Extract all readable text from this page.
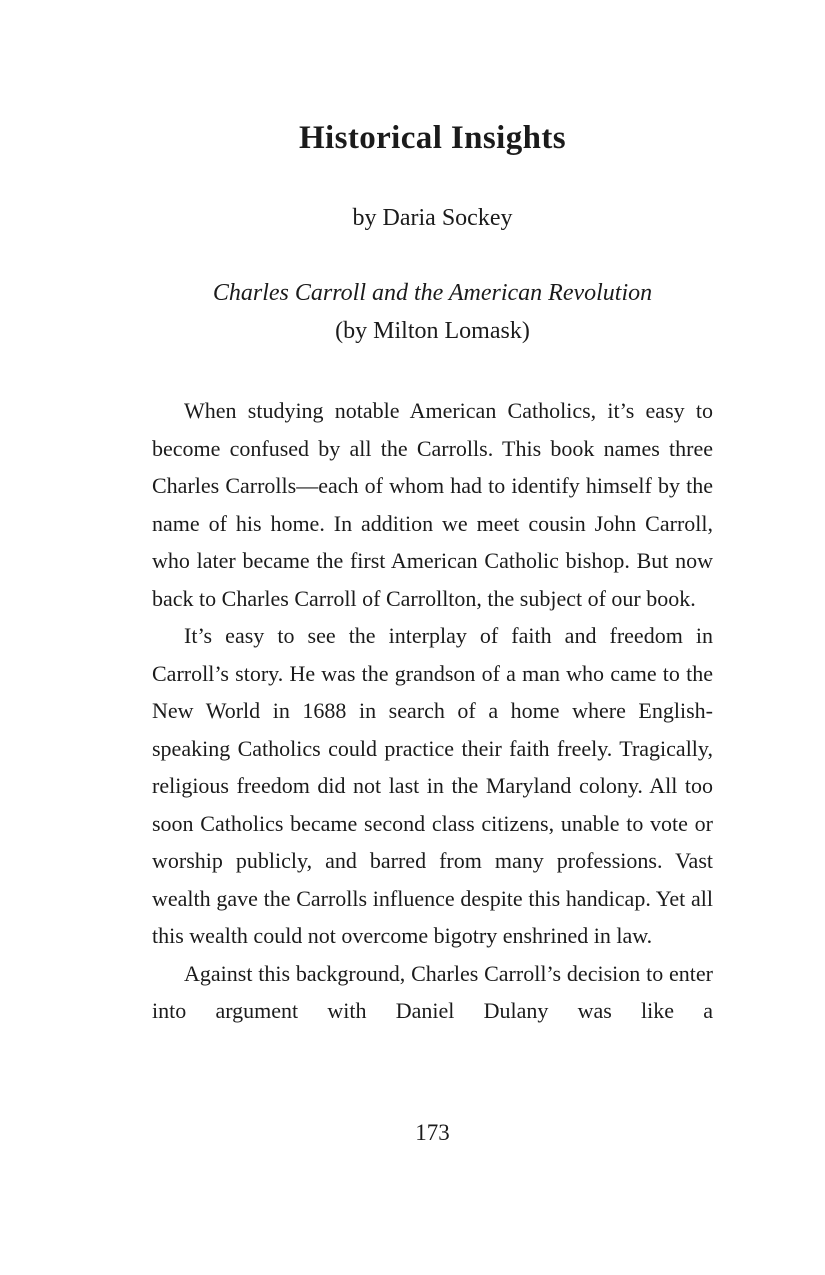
Historical Insights
by Daria Sockey
Charles Carroll and the American Revolution
(by Milton Lomask)

When studying notable American Catholics, it’s easy to become confused by all the Carrolls. This book names three Charles Carrolls—each of whom had to identify himself by the name of his home. In addition we meet cousin John Carroll, who later became the first American Catholic bishop. But now back to Charles Carroll of Carrollton, the subject of our book.

It’s easy to see the interplay of faith and freedom in Carroll’s story. He was the grandson of a man who came to the New World in 1688 in search of a home where English-speaking Catholics could practice their faith freely. Tragically, religious freedom did not last in the Maryland colony. All too soon Catholics became second class citizens, unable to vote or worship publicly, and barred from many professions. Vast wealth gave the Carrolls influence despite this handicap. Yet all this wealth could not overcome bigotry enshrined in law.

Against this background, Charles Carroll’s decision to enter into argument with Daniel Dulany was like a

173
